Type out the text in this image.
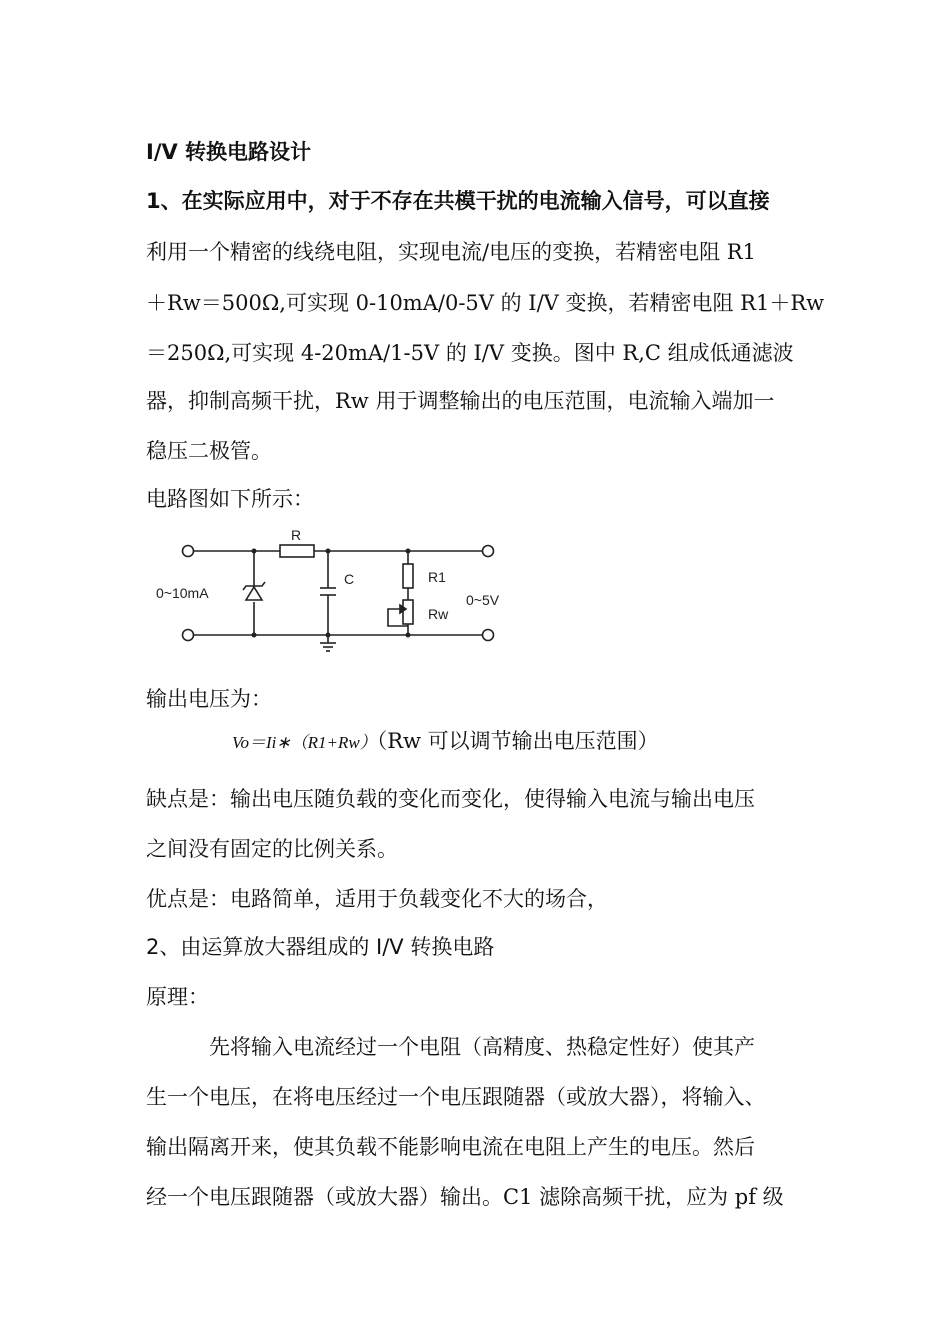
I/V 转换电路设计
1、在实际应用中，对于不存在共模干扰的电流输入信号，可以直接
利用一个精密的线绕电阻，实现电流/电压的变换，若精密电阻 R1
＋Rw＝500Ω,可实现 0-10mA/0-5V 的 I/V 变换，若精密电阻 R1＋Rw
＝250Ω,可实现 4-20mA/1-5V 的 I/V 变换。图中 R,C 组成低通滤波
器，抑制高频干扰，Rw 用于调整输出的电压范围，电流输入端加一
稳压二极管。
电路图如下所示：
0~10mA
R
C	R1
Rw
0~5V
输出电压为：
Vo＝Ii∗（R1+Rw）（Rw 可以调节输出电压范围）
缺点是：输出电压随负载的变化而变化，使得输入电流与输出电压
之间没有固定的比例关系。
优点是：电路简单，适用于负载变化不大的场合，
2、由运算放大器组成的 I/V 转换电路
原理：
先将输入电流经过一个电阻（高精度、热稳定性好）使其产
生一个电压，在将电压经过一个电压跟随器（或放大器），将输入、
输出隔离开来，使其负载不能影响电流在电阻上产生的电压。然后
经一个电压跟随器（或放大器）输出。C1 滤除高频干扰，应为 pf 级
